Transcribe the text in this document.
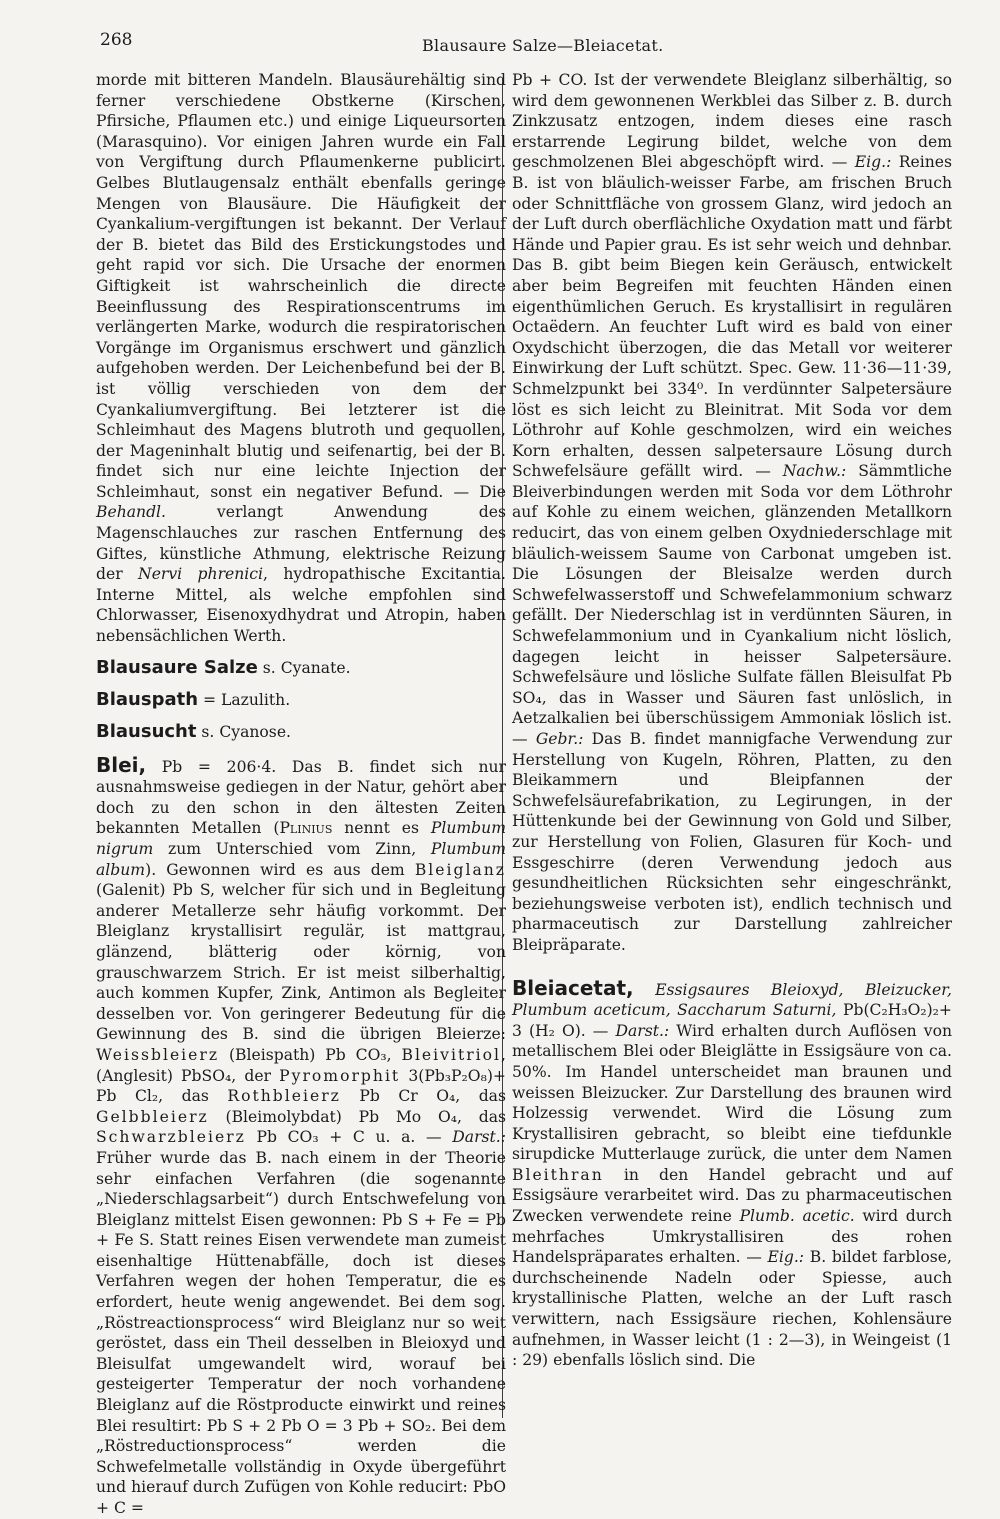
268	Blausaure Salze—Bleiacetat.

morde mit bitteren Mandeln. Blausäurehältig sind ferner verschiedene Obstkerne (Kirschen, Pfirsiche, Pflaumen etc.) und einige Liqueursorten (Marasquino). Vor einigen Jahren wurde ein Fall von Vergiftung durch Pflaumenkerne publicirt. Gelbes Blutlaugensalz enthält ebenfalls geringe Mengen von Blausäure. Die Häufigkeit der Cyankalium-vergiftungen ist bekannt. Der Verlauf der B. bietet das Bild des Erstickungstodes und geht rapid vor sich. Die Ursache der enormen Giftigkeit ist wahrscheinlich die directe Beeinflussung des Respirationscentrums im verlängerten Marke, wodurch die respiratorischen Vorgänge im Organismus erschwert und gänzlich aufgehoben werden. Der Leichenbefund bei der B. ist völlig verschieden von dem der Cyankaliumvergiftung. Bei letzterer ist die Schleimhaut des Magens blutroth und gequollen, der Mageninhalt blutig und seifenartig, bei der B. findet sich nur eine leichte Injection der Schleimhaut, sonst ein negativer Befund. — Die Behandl. verlangt Anwendung des Magenschlauches zur raschen Entfernung des Giftes, künstliche Athmung, elektrische Reizung der Nervi phrenici, hydropathische Excitantia. Interne Mittel, als welche empfohlen sind Chlorwasser, Eisenoxydhydrat und Atropin, haben nebensächlichen Werth.

Blausaure Salze s. Cyanate.

Blauspath = Lazulith.

Blausucht s. Cyanose.

Blei, Pb = 206·4. Das B. findet sich nur ausnahmsweise gediegen in der Natur, gehört aber doch zu den schon in den ältesten Zeiten bekannten Metallen (Plinius nennt es Plumbum nigrum zum Unterschied vom Zinn, Plumbum album). Gewonnen wird es aus dem Bleiglanz (Galenit) Pb S, welcher für sich und in Begleitung anderer Metallerze sehr häufig vorkommt. Der Bleiglanz krystallisirt regulär, ist mattgrau, glänzend, blätterig oder körnig, von grauschwarzem Strich. Er ist meist silberhaltig, auch kommen Kupfer, Zink, Antimon als Begleiter desselben vor. Von geringerer Bedeutung für die Gewinnung des B. sind die übrigen Bleierze: Weissbleierz (Bleispath) Pb CO₃, Bleivitriol, (Anglesit) PbSO₄, der Pyromorphit 3(Pb₃P₂O₈)+ Pb Cl₂, das Rothbleierz Pb Cr O₄, das Gelbbleierz (Bleimolybdat) Pb Mo O₄, das Schwarzbleierz Pb CO₃ + C u. a. — Darst.: Früher wurde das B. nach einem in der Theorie sehr einfachen Verfahren (die sogenannte „Niederschlagsarbeit“) durch Entschwefelung von Bleiglanz mittelst Eisen gewonnen: Pb S + Fe = Pb + Fe S. Statt reines Eisen verwendete man zumeist eisenhaltige Hüttenabfälle, doch ist dieses Verfahren wegen der hohen Temperatur, die es erfordert, heute wenig angewendet. Bei dem sog. „Röstreactionsprocess“ wird Bleiglanz nur so weit geröstet, dass ein Theil desselben in Bleioxyd und Bleisulfat umgewandelt wird, worauf bei gesteigerter Temperatur der noch vorhandene Bleiglanz auf die Röstproducte einwirkt und reines Blei resultirt: Pb S + 2 Pb O = 3 Pb + SO₂. Bei dem „Röstreductionsprocess“ werden die Schwefelmetalle vollständig in Oxyde übergeführt und hierauf durch Zufügen von Kohle reducirt: PbO + C =

Pb + CO. Ist der verwendete Bleiglanz silberhältig, so wird dem gewonnenen Werkblei das Silber z. B. durch Zinkzusatz entzogen, indem dieses eine rasch erstarrende Legirung bildet, welche von dem geschmolzenen Blei abgeschöpft wird. — Eig.: Reines B. ist von bläulich-weisser Farbe, am frischen Bruch oder Schnittfläche von grossem Glanz, wird jedoch an der Luft durch oberflächliche Oxydation matt und färbt Hände und Papier grau. Es ist sehr weich und dehnbar. Das B. gibt beim Biegen kein Geräusch, entwickelt aber beim Begreifen mit feuchten Händen einen eigenthümlichen Geruch. Es krystallisirt in regulären Octaëdern. An feuchter Luft wird es bald von einer Oxydschicht überzogen, die das Metall vor weiterer Einwirkung der Luft schützt. Spec. Gew. 11·36—11·39, Schmelzpunkt bei 334⁰. In verdünnter Salpetersäure löst es sich leicht zu Bleinitrat. Mit Soda vor dem Löthrohr auf Kohle geschmolzen, wird ein weiches Korn erhalten, dessen salpetersaure Lösung durch Schwefelsäure gefällt wird. — Nachw.: Sämmtliche Bleiverbindungen werden mit Soda vor dem Löthrohr auf Kohle zu einem weichen, glänzenden Metallkorn reducirt, das von einem gelben Oxydniederschlage mit bläulich-weissem Saume von Carbonat umgeben ist. Die Lösungen der Bleisalze werden durch Schwefelwasserstoff und Schwefelammonium schwarz gefällt. Der Niederschlag ist in verdünnten Säuren, in Schwefelammonium und in Cyankalium nicht löslich, dagegen leicht in heisser Salpetersäure. Schwefelsäure und lösliche Sulfate fällen Bleisulfat Pb SO₄, das in Wasser und Säuren fast unlöslich, in Aetzalkalien bei überschüssigem Ammoniak löslich ist. — Gebr.: Das B. findet mannigfache Verwendung zur Herstellung von Kugeln, Röhren, Platten, zu den Bleikammern und Bleipfannen der Schwefelsäurefabrikation, zu Legirungen, in der Hüttenkunde bei der Gewinnung von Gold und Silber, zur Herstellung von Folien, Glasuren für Koch- und Essgeschirre (deren Verwendung jedoch aus gesundheitlichen Rücksichten sehr eingeschränkt, beziehungsweise verboten ist), endlich technisch und pharmaceutisch zur Darstellung zahlreicher Bleipräparate.

Bleiacetat, Essigsaures Bleioxyd, Bleizucker, Plumbum aceticum, Saccharum Saturni, Pb(C₂H₃O₂)₂+ 3 (H₂ O). — Darst.: Wird erhalten durch Auflösen von metallischem Blei oder Bleiglätte in Essigsäure von ca. 50%. Im Handel unterscheidet man braunen und weissen Bleizucker. Zur Darstellung des braunen wird Holzessig verwendet. Wird die Lösung zum Krystallisiren gebracht, so bleibt eine tiefdunkle sirupdicke Mutterlauge zurück, die unter dem Namen Bleithran in den Handel gebracht und auf Essigsäure verarbeitet wird. Das zu pharmaceutischen Zwecken verwendete reine Plumb. acetic. wird durch mehrfaches Umkrystallisiren des rohen Handelspräparates erhalten. — Eig.: B. bildet farblose, durchscheinende Nadeln oder Spiesse, auch krystallinische Platten, welche an der Luft rasch verwittern, nach Essigsäure riechen, Kohlensäure aufnehmen, in Wasser leicht (1 : 2—3), in Weingeist (1 : 29) ebenfalls löslich sind. Die
